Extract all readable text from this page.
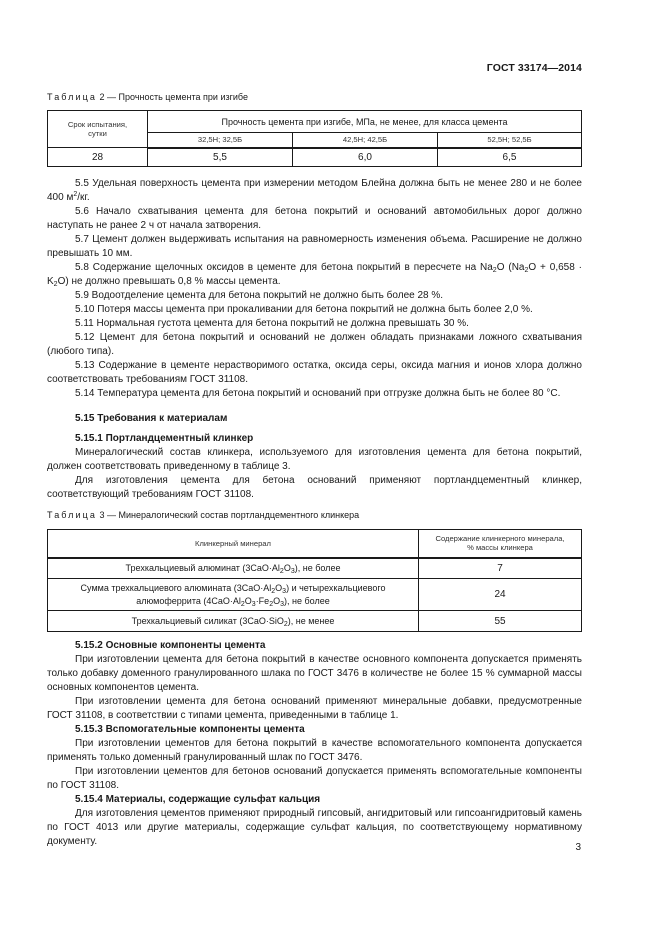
ГОСТ 33174—2014
Таблица 2 — Прочность цемента при изгибе
Срок испытания,
сутки	Прочность цемента при изгибе, МПа, не менее, для класса цемента		
	32,5Н; 32,5Б	42,5Н; 42,5Б	52,5Н; 52,5Б
28	5,5	6,0	6,5

5.5 Удельная поверхность цемента при измерении методом Блейна должна быть не менее 280 и не более 400 $м^2/кг$.

5.6 Начало схватывания цемента для бетона покрытий и оснований автомобильных дорог должно наступать не ранее 2 ч от начала затворения.

5.7 Цемент должен выдерживать испытания на равномерность изменения объема. Расширение не должно превышать 10 мм.

5.8 Содержание щелочных оксидов в цементе для бетона покрытий в пересчете на $Na_2O$ $(Na_2O + 0,658 \cdot K_2O)$ не должно превышать 0,8 % массы цемента.

5.9 Водоотделение цемента для бетона покрытий не должно быть более 28 %.

5.10 Потеря массы цемента при прокаливании для бетона покрытий не должна быть более 2,0 %.

5.11 Нормальная густота цемента для бетона покрытий не должна превышать 30 %.

5.12 Цемент для бетона покрытий и оснований не должен обладать признаками ложного схватывания (любого типа).

5.13 Содержание в цементе нерастворимого остатка, оксида серы, оксида магния и ионов хлора должно соответствовать требованиям ГОСТ 31108.

5.14 Температура цемента для бетона покрытий и оснований при отгрузке должна быть не более 80 °С.

5.15 Требования к материалам

5.15.1 Портландцементный клинкер

Минералогический состав клинкера, используемого для изготовления цемента для бетона покрытий, должен соответствовать приведенному в таблице 3.

Для изготовления цемента для бетона оснований применяют портландцементный клинкер, соответствующий требованиям ГОСТ 31108.

Таблица 3 — Минералогический состав портландцементного клинкера
Клинкерный минерал	Содержание клинкерного минерала,
% массы клинкера

Трехкальциевый алюминат $(3CaO\cdot Al_2O_3)$, не более	7

Сумма трехкальциевого алюмината $(3CaO\cdot Al_2O_3)$ и четырехкальциевого
алюмоферрита $(4CaO\cdot Al_2O_3\cdot Fe_2O_3)$, не более	24
Трехкальциевый силикат (3CaO·SiO$_2$), не менее	55

5.15.2 Основные компоненты цемента

При изготовлении цемента для бетона покрытий в качестве основного компонента допускается применять только добавку доменного гранулированного шлака по ГОСТ 3476 в количестве не более 15 % суммарной массы основных компонентов цемента.

При изготовлении цемента для бетона оснований применяют минеральные добавки, предусмотренные ГОСТ 31108, в соответствии с типами цемента, приведенными в таблице 1.

5.15.3 Вспомогательные компоненты цемента

При изготовлении цементов для бетона покрытий в качестве вспомогательного компонента допускается применять только доменный гранулированный шлак по ГОСТ 3476.

При изготовлении цементов для бетонов оснований допускается применять вспомогательные компоненты по ГОСТ 31108.

5.15.4 Материалы, содержащие сульфат кальция

Для изготовления цементов применяют природный гипсовый, ангидритовый или гипсоангидритовый камень по ГОСТ 4013 или другие материалы, содержащие сульфат кальция, по соответствующему нормативному документу.

3
